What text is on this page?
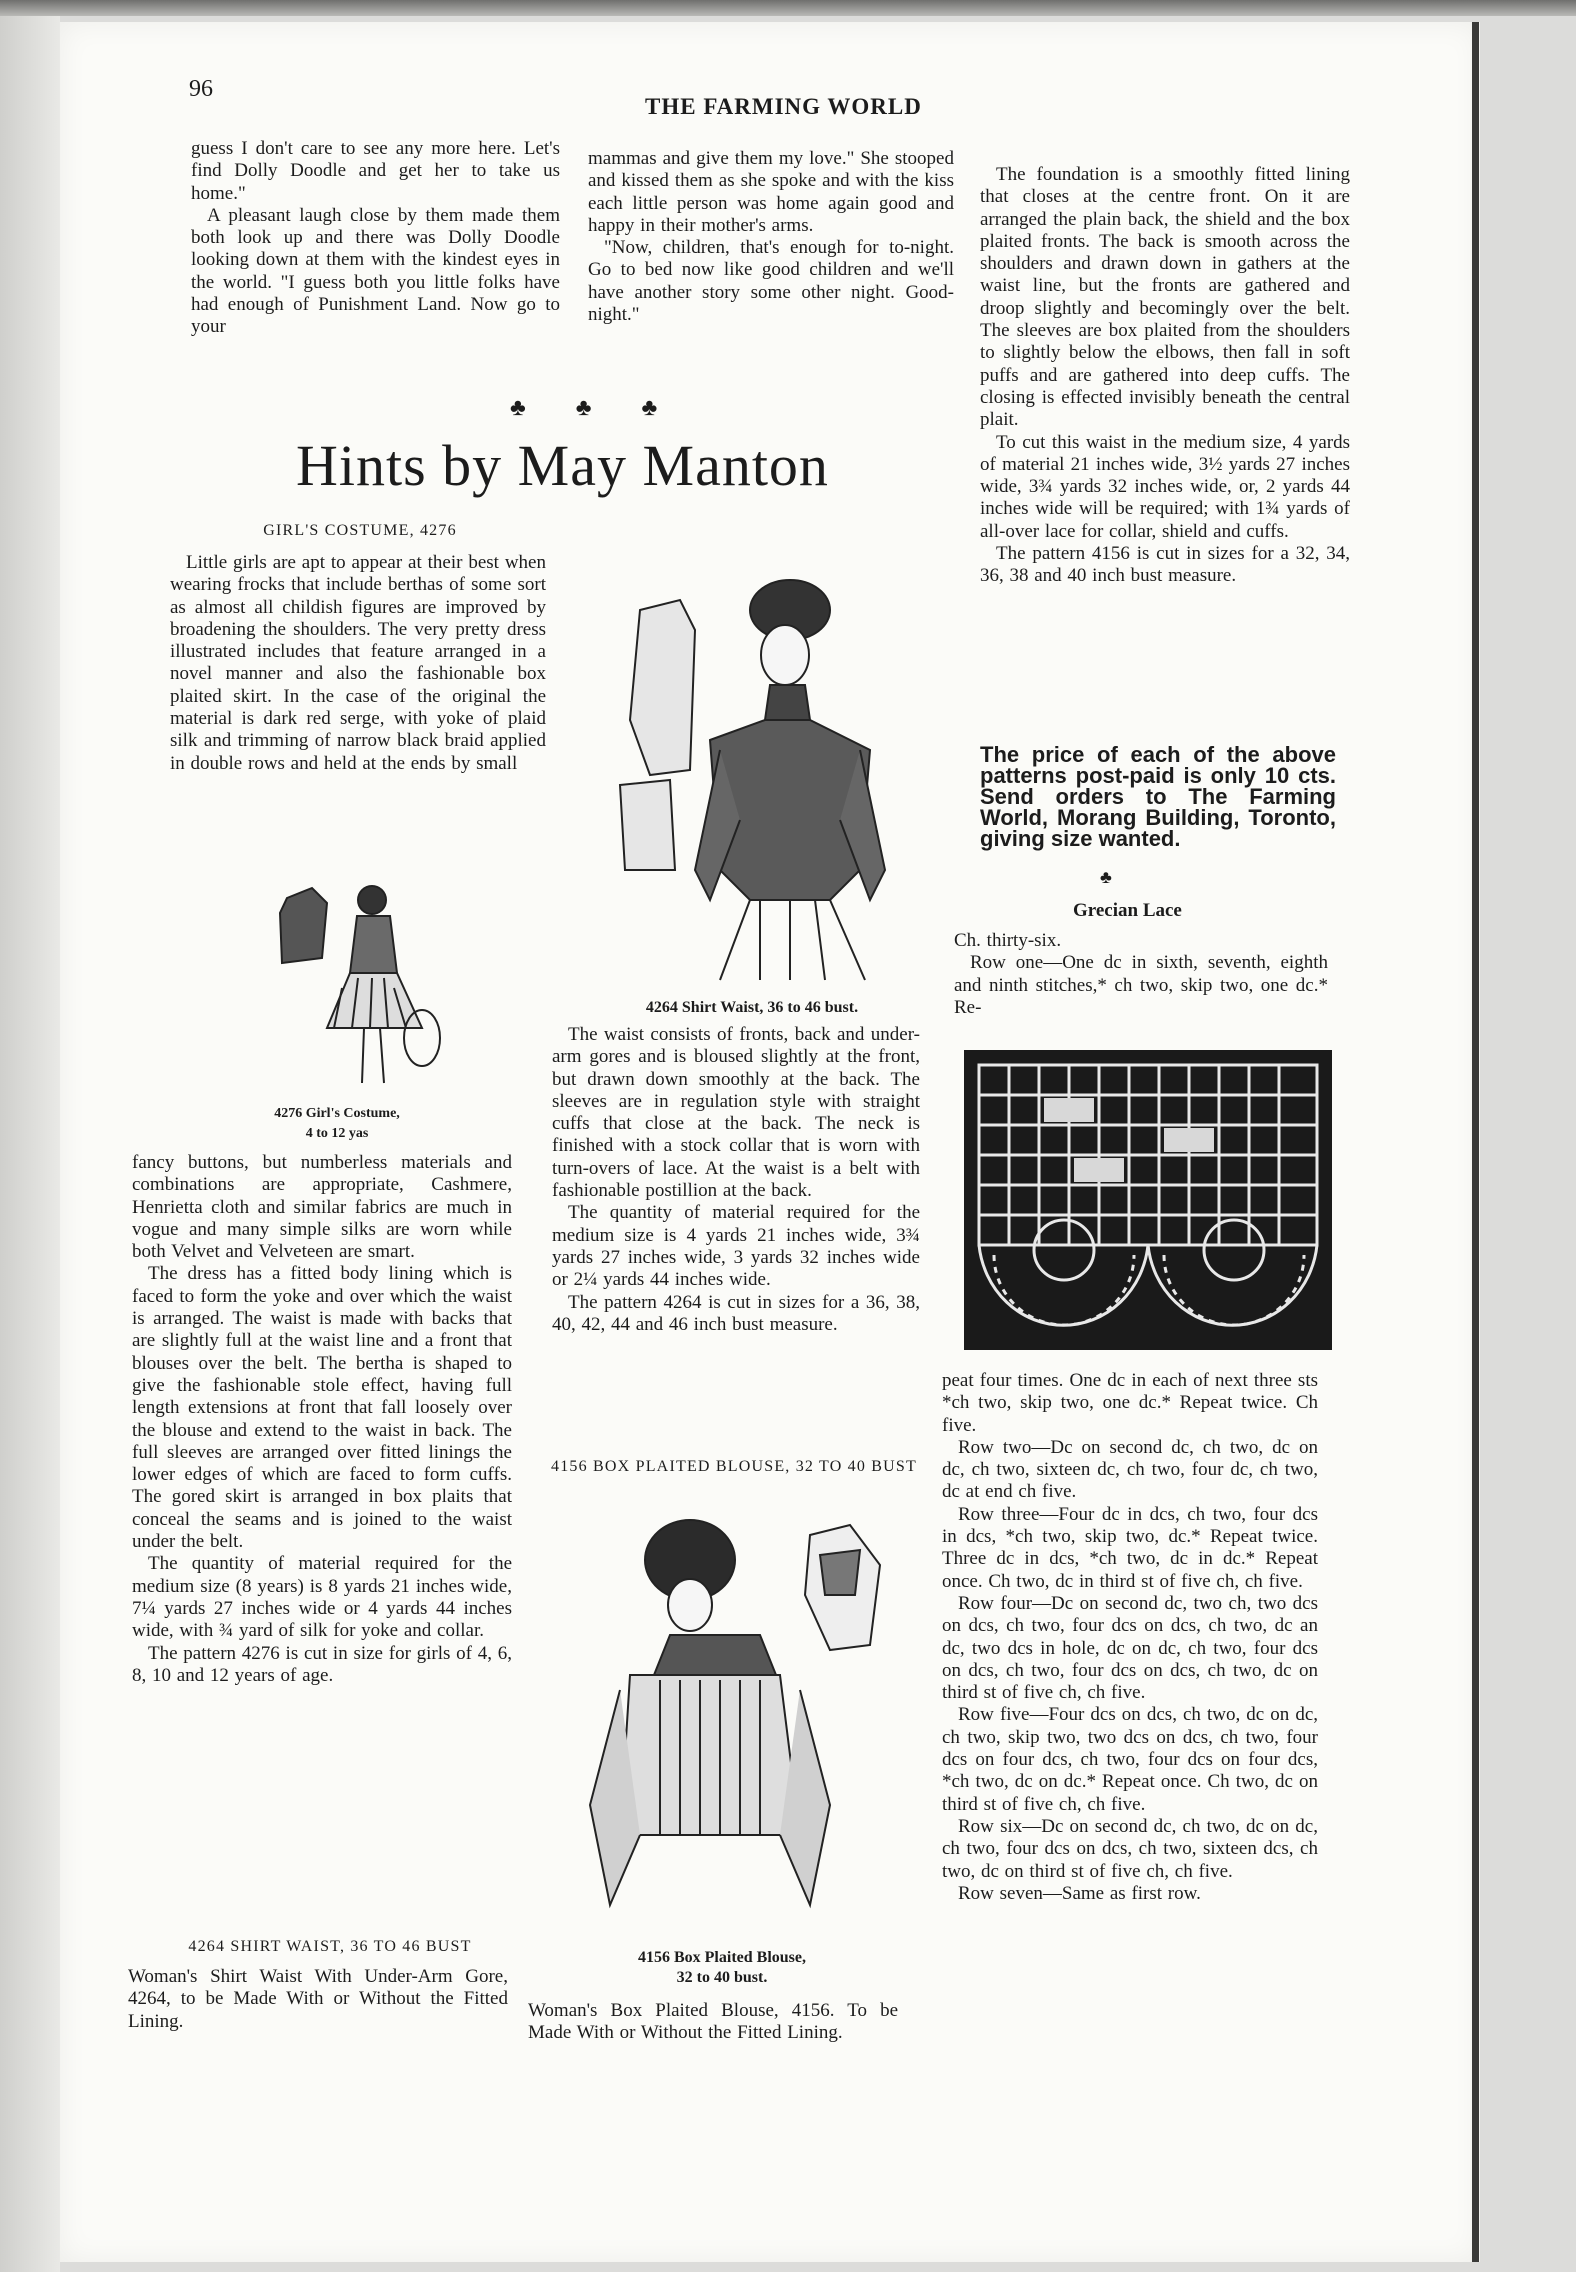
96
THE FARMING WORLD

guess I don't care to see any more here. Let's find Dolly Doodle and get her to take us home."

A pleasant laugh close by them made them both look up and there was Dolly Doodle looking down at them with the kindest eyes in the world. "I guess both you little folks have had enough of Punishment Land. Now go to your

mammas and give them my love." She stooped and kissed them as she spoke and with the kiss each little person was home again good and happy in their mother's arms.

"Now, children, that's enough for to-night. Go to bed now like good children and we'll have another story some other night. Good-night."

♣ ♣ ♣
Hints by May Manton
GIRL'S COSTUME, 4276

Little girls are apt to appear at their best when wearing frocks that include berthas of some sort as almost all childish figures are improved by broadening the shoulders. The very pretty dress illustrated includes that feature arranged in a novel manner and also the fashionable box plaited skirt. In the case of the original the material is dark red serge, with yoke of plaid silk and trimming of narrow black braid applied in double rows and held at the ends by small

4276 Girl's Costume,
4 to 12 yas

fancy buttons, but numberless materials and combinations are appropriate, Cashmere, Henrietta cloth and similar fabrics are much in vogue and many simple silks are worn while both Velvet and Velveteen are smart.

The dress has a fitted body lining which is faced to form the yoke and over which the waist is arranged. The waist is made with backs that are slightly full at the waist line and a front that blouses over the belt. The bertha is shaped to give the fashionable stole effect, having full length extensions at front that fall loosely over the blouse and extend to the waist in back. The full sleeves are arranged over fitted linings the lower edges of which are faced to form cuffs. The gored skirt is arranged in box plaits that conceal the seams and is joined to the waist under the belt.

The quantity of material required for the medium size (8 years) is 8 yards 21 inches wide, 7¼ yards 27 inches wide or 4 yards 44 inches wide, with ¾ yard of silk for yoke and collar.

The pattern 4276 is cut in size for girls of 4, 6, 8, 10 and 12 years of age.

4264 SHIRT WAIST, 36 TO 46 BUST

Woman's Shirt Waist With Under-Arm Gore, 4264, to be Made With or Without the Fitted Lining.

4264 Shirt Waist, 36 to 46 bust.

The waist consists of fronts, back and under-arm gores and is bloused slightly at the front, but drawn down smoothly at the back. The sleeves are in regulation style with straight cuffs that close at the back. The neck is finished with a stock collar that is worn with turn-overs of lace. At the waist is a belt with fashionable postillion at the back.

The quantity of material required for the medium size is 4 yards 21 inches wide, 3¾ yards 27 inches wide, 3 yards 32 inches wide or 2¼ yards 44 inches wide.

The pattern 4264 is cut in sizes for a 36, 38, 40, 42, 44 and 46 inch bust measure.

4156 BOX PLAITED BLOUSE, 32 TO 40 BUST
4156 Box Plaited Blouse,
32 to 40 bust.

Woman's Box Plaited Blouse, 4156. To be Made With or Without the Fitted Lining.

The foundation is a smoothly fitted lining that closes at the centre front. On it are arranged the plain back, the shield and the box plaited fronts. The back is smooth across the shoulders and drawn down in gathers at the waist line, but the fronts are gathered and droop slightly and becomingly over the belt. The sleeves are box plaited from the shoulders to slightly below the elbows, then fall in soft puffs and are gathered into deep cuffs. The closing is effected invisibly beneath the central plait.

To cut this waist in the medium size, 4 yards of material 21 inches wide, 3½ yards 27 inches wide, 3¾ yards 32 inches wide, or, 2 yards 44 inches wide will be required; with 1¾ yards of all-over lace for collar, shield and cuffs.

The pattern 4156 is cut in sizes for a 32, 34, 36, 38 and 40 inch bust measure.

The price of each of the above patterns post-paid is only 10 cts. Send orders to The Farming World, Morang Building, Toronto, giving size wanted.
♣
Grecian Lace

Ch. thirty-six.

Row one—One dc in sixth, seventh, eighth and ninth stitches,* ch two, skip two, one dc.* Re-

peat four times. One dc in each of next three sts *ch two, skip two, one dc.* Repeat twice. Ch five.

Row two—Dc on second dc, ch two, dc on dc, ch two, sixteen dc, ch two, four dc, ch two, dc at end ch five.

Row three—Four dc in dcs, ch two, four dcs in dcs, *ch two, skip two, dc.* Repeat twice. Three dc in dcs, *ch two, dc in dc.* Repeat once. Ch two, dc in third st of five ch, ch five.

Row four—Dc on second dc, two ch, two dcs on dcs, ch two, four dcs on dcs, ch two, dc an dc, two dcs in hole, dc on dc, ch two, four dcs on dcs, ch two, four dcs on dcs, ch two, dc on third st of five ch, ch five.

Row five—Four dcs on dcs, ch two, dc on dc, ch two, skip two, two dcs on dcs, ch two, four dcs on four dcs, ch two, four dcs on four dcs, *ch two, dc on dc.* Repeat once. Ch two, dc on third st of five ch, ch five.

Row six—Dc on second dc, ch two, dc on dc, ch two, four dcs on dcs, ch two, sixteen dcs, ch two, dc on third st of five ch, ch five.

Row seven—Same as first row.
